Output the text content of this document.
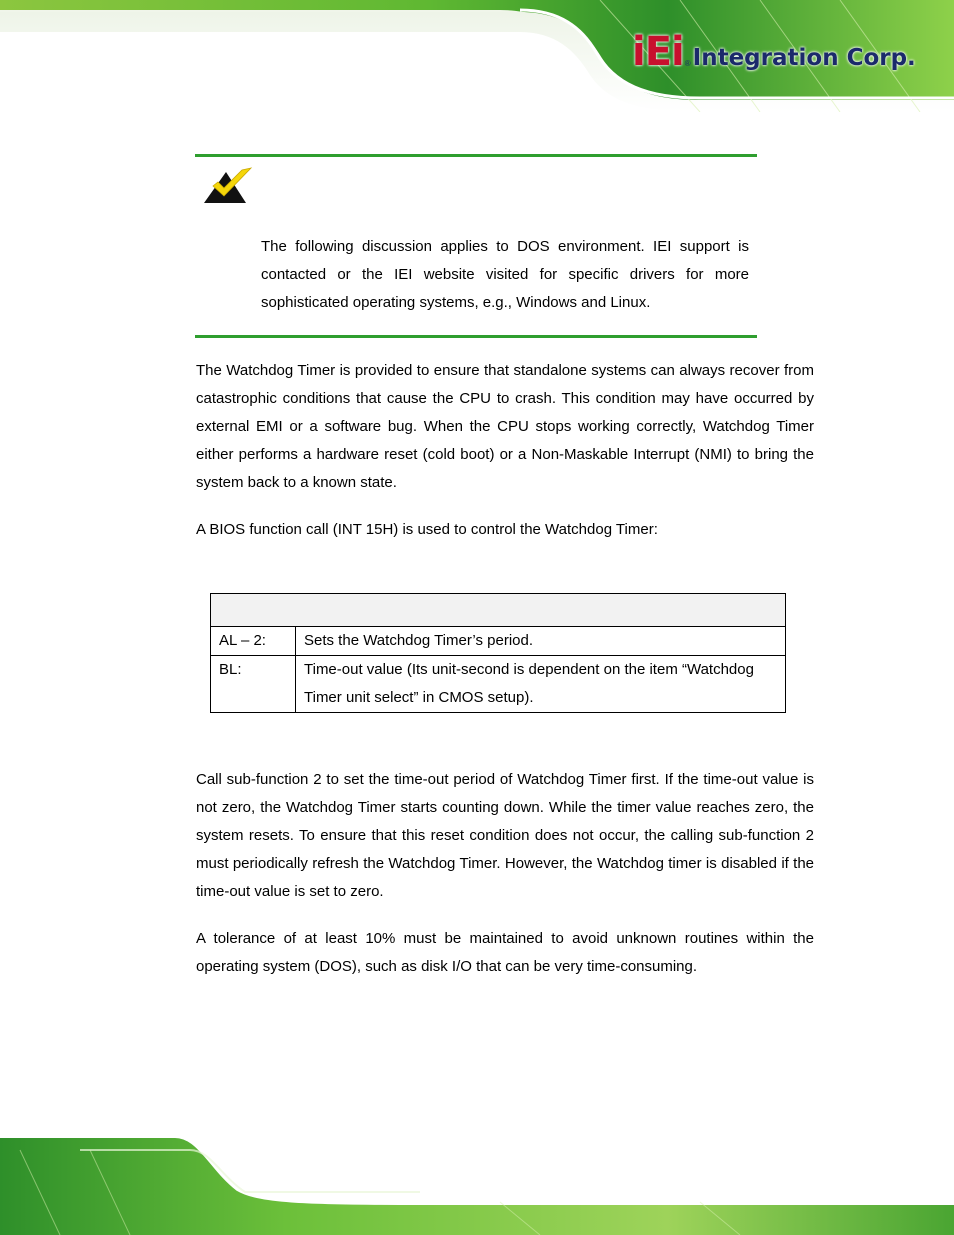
iEi ® Integration Corp.
The following discussion applies to DOS environment. IEI support is contacted or the IEI website visited for specific drivers for more sophisticated operating systems, e.g., Windows and Linux.

The Watchdog Timer is provided to ensure that standalone systems can always recover from catastrophic conditions that cause the CPU to crash. This condition may have occurred by external EMI or a software bug. When the CPU stops working correctly, Watchdog Timer either performs a hardware reset (cold boot) or a Non-Maskable Interrupt (NMI) to bring the system back to a known state.

A BIOS function call (INT 15H) is used to control the Watchdog Timer:

AL – 2:	Sets the Watchdog Timer’s period.
BL:	Time-out value (Its unit-second is dependent on the item “Watchdog Timer unit select” in CMOS setup).

Call sub-function 2 to set the time-out period of Watchdog Timer first. If the time-out value is not zero, the Watchdog Timer starts counting down. While the timer value reaches zero, the system resets. To ensure that this reset condition does not occur, the calling sub-function 2 must periodically refresh the Watchdog Timer. However, the Watchdog timer is disabled if the time-out value is set to zero.

A tolerance of at least 10% must be maintained to avoid unknown routines within the operating system (DOS), such as disk I/O that can be very time-consuming.
